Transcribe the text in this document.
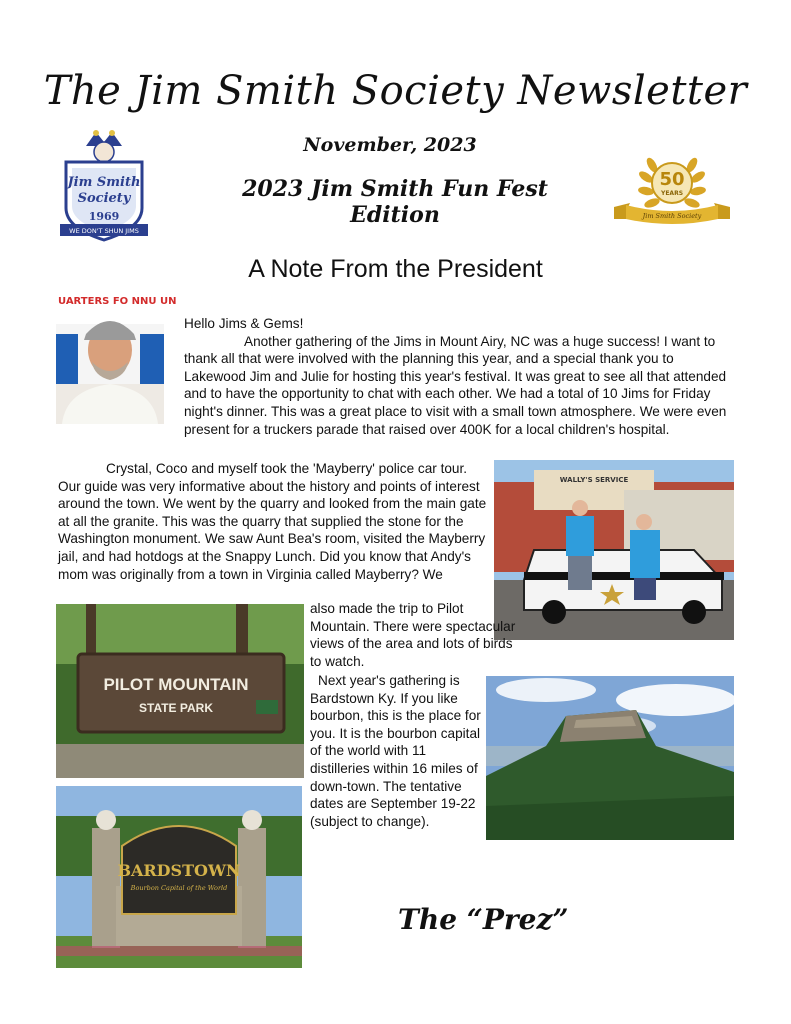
The Jim Smith Society Newsletter
November, 2023
2023 Jim Smith Fun Fest Edition
Jim Smith
Society
1969
WE DON'T SHUN JIMS
50
YEARS
Jim Smith Society
A Note From the President
UARTERS FO NNU UN
Hello Jims & Gems!
Another gathering of the Jims in Mount Airy, NC was a huge success! I want to thank all that were involved with the planning this year, and a special thank you to Lakewood Jim and Julie for hosting this year's festival. It was great to see all that attended and to have the opportunity to chat with each other. We had a total of 10 Jims for Friday night's dinner. This was a great place to visit with a small town atmosphere. We were even present for a truckers parade that raised over 400K for a local children's hospital.
WALLY'S SERVICE
Crystal, Coco and myself took the 'Mayberry' police car tour. Our guide was very informative about the history and points of interest around the town. We went by the quarry and looked from the main gate at all the granite. This was the quarry that supplied the stone for the Washington monument. We saw Aunt Bea's room, visited the Mayberry jail, and had hotdogs at the Snappy Lunch. Did you know that Andy's mom was originally from a town in Virginia called Mayberry? We
PILOT MOUNTAIN
STATE PARK
also made the trip to Pilot Mountain. There were spectacular views of the area and lots of birds to watch.
Next year's gathering is Bardstown Ky. If you like bourbon, this is the place for you. It is the bourbon capital of the world with 11 distilleries within 16 miles of down-town. The tentative dates are September 19-22 (subject to change).
BARDSTOWN
Bourbon Capital of the World
The “Prez”
